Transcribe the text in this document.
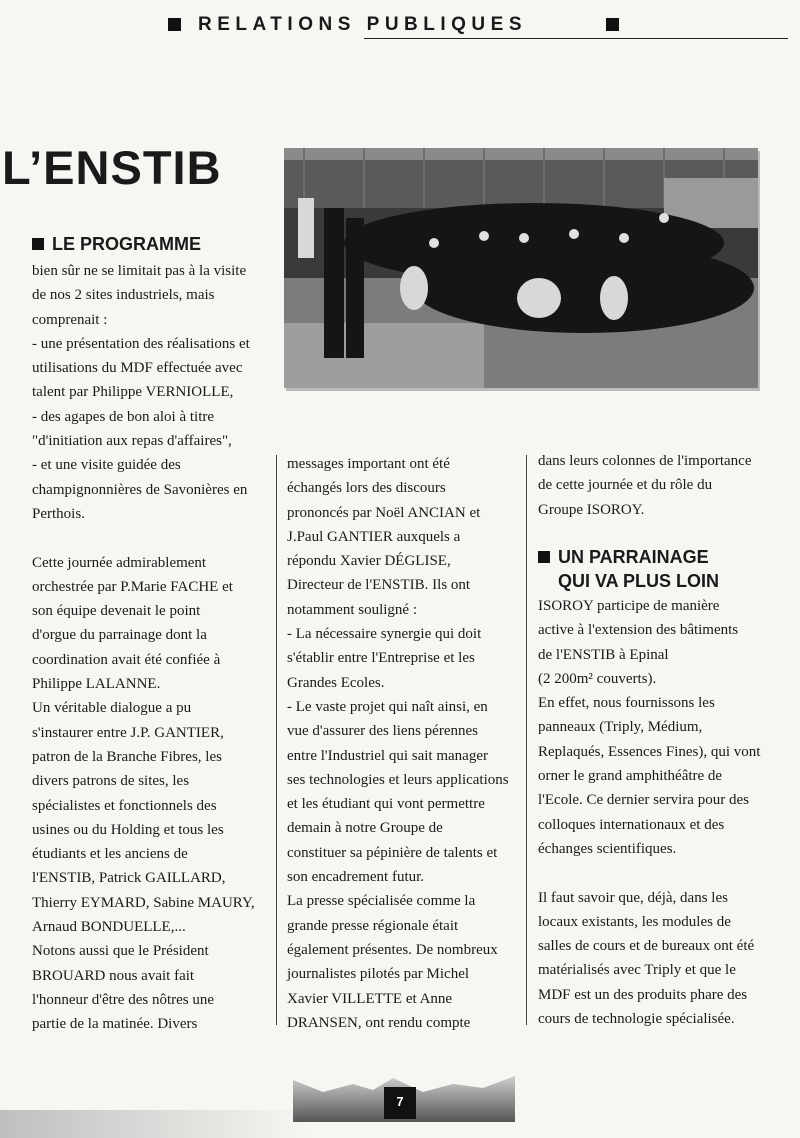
RELATIONS PUBLIQUES
L’ENSTIB
LE PROGRAMME

bien sûr ne se limitait pas à la visite

de nos 2 sites industriels, mais

comprenait :

- une présentation des réalisations et

utilisations du MDF effectuée avec

talent par Philippe VERNIOLLE,

- des agapes de bon aloi à titre

"d'initiation aux repas d'affaires",

- et une visite guidée des

champignonnières de Savonières en

Perthois.

Cette journée admirablement

orchestrée par P.Marie FACHE et

son équipe devenait le point

d'orgue du parrainage dont la

coordination avait été confiée à

Philippe LALANNE.

Un véritable dialogue a pu

s'instaurer entre J.P. GANTIER,

patron de la Branche Fibres, les

divers patrons de sites, les

spécialistes et fonctionnels des

usines ou du Holding et tous les

étudiants et les anciens de

l'ENSTIB, Patrick GAILLARD,

Thierry EYMARD, Sabine MAURY,

Arnaud BONDUELLE,...

Notons aussi que le Président

BROUARD nous avait fait

l'honneur d'être des nôtres une

partie de la matinée. Divers

messages important ont été

échangés lors des discours

prononcés par Noël ANCIAN et

J.Paul GANTIER auxquels a

répondu Xavier DÉGLISE,

Directeur de l'ENSTIB. Ils ont

notamment souligné :

- La nécessaire synergie qui doit

s'établir entre l'Entreprise et les

Grandes Ecoles.

- Le vaste projet qui naît ainsi, en

vue d'assurer des liens pérennes

entre l'Industriel qui sait manager

ses technologies et leurs applications

et les étudiant qui vont permettre

demain à notre Groupe de

constituer sa pépinière de talents et

son encadrement futur.

La presse spécialisée comme la

grande presse régionale était

également présentes. De nombreux

journalistes pilotés par Michel

Xavier VILLETTE et Anne

DRANSEN, ont rendu compte

dans leurs colonnes de l'importance

de cette journée et du rôle du

Groupe ISOROY.

UN PARRAINAGE
QUI VA PLUS LOIN

ISOROY participe de manière

active à l'extension des bâtiments

de l'ENSTIB à Epinal

(2 200m² couverts).

En effet, nous fournissons les

panneaux (Triply, Médium,

Replaqués, Essences Fines), qui vont

orner le grand amphithéâtre de

l'Ecole. Ce dernier servira pour des

colloques internationaux et des

échanges scientifiques.

Il faut savoir que, déjà, dans les

locaux existants, les modules de

salles de cours et de bureaux ont été

matérialisés avec Triply et que le

MDF est un des produits phare des

cours de technologie spécialisée.

7
